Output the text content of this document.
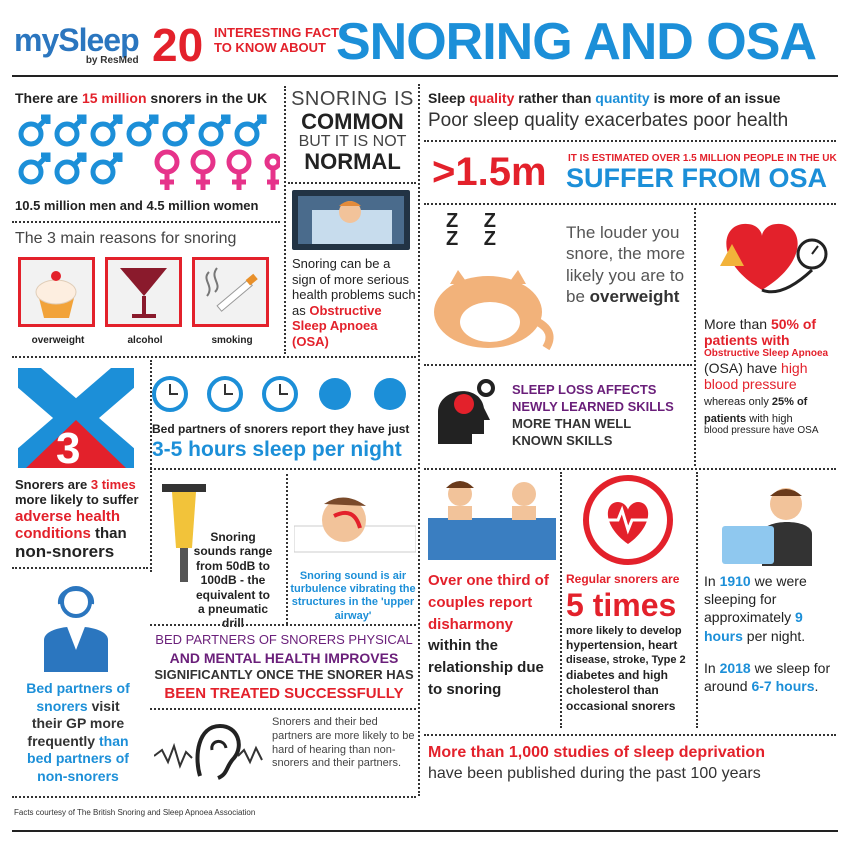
mySleep
by ResMed 20 INTERESTING FACTS
TO KNOW ABOUT SNORING AND OSA
There are 15 million snorers in the UK
10.5 million men and 4.5 million women
The 3 main reasons for snoring
overweight	alcohol	smoking
SNORING IS
COMMON
BUT IT IS NOT
NORMAL
Snoring can be a sign of more serious health problems such as Obstructive Sleep Apnoea (OSA)
Sleep quality rather than quantity is more of an issue
Poor sleep quality exacerbates poor health
>1.5m IT IS ESTIMATED OVER 1.5 MILLION PEOPLE IN THE UK
SUFFER FROM OSA
Z Z Z Z	The louder you snore, the more likely you are to be overweight
More than 50% of patients with
Obstructive Sleep Apnoea
(OSA) have high blood pressure whereas only 25% of patients with high
blood pressure have OSA
3
Snorers are 3 times
more likely to suffer
adverse health conditions than
non-snorers
Bed partners of snorers report they have just
3-5 hours sleep per night
SLEEP LOSS AFFECTS
NEWLY LEARNED SKILLS
MORE THAN WELL
KNOWN SKILLS
Snoring sounds range from 50dB to 100dB - the equivalent to a pneumatic drill
Snoring sound is air turbulence vibrating the structures in the 'upper airway'
Over one third of couples report disharmony within the relationship due to snoring
Regular snorers are
5 times
more likely to develop
hypertension, heart
disease, stroke, Type 2
diabetes and high
cholesterol than
occasional snorers
In 1910 we were sleeping for approximately 9 hours per night.
In 2018 we sleep for around 6-7 hours.
Bed partners of snorers visit their GP more frequently than bed partners of non-snorers
BED PARTNERS OF SNORERS PHYSICAL
AND MENTAL HEALTH IMPROVES
SIGNIFICANTLY ONCE THE SNORER HAS
BEEN TREATED SUCCESSFULLY
Snorers and their bed partners are more likely to be hard of hearing than non-snorers and their partners.
More than 1,000 studies of sleep deprivation
have been published during the past 100 years
Facts courtesy of The British Snoring and Sleep Apnoea Association
